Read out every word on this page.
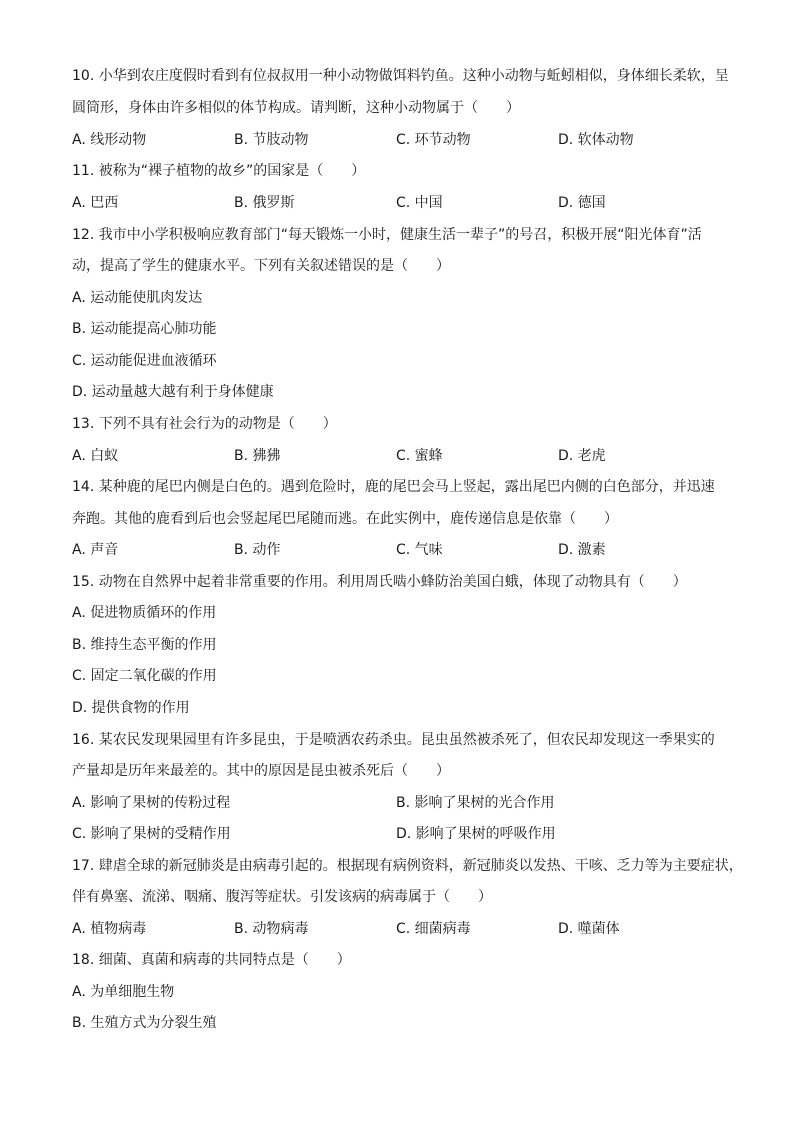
10. 小华到农庄度假时看到有位叔叔用一种小动物做饵料钓鱼。这种小动物与蚯蚓相似，身体细长柔软，呈
圆筒形，身体由许多相似的体节构成。请判断，这种小动物属于（　　）
A. 线形动物	B. 节肢动物	C. 环节动物	D. 软体动物
11. 被称为“裸子植物的故乡”的国家是（　　）
A. 巴西	B. 俄罗斯	C. 中国	D. 德国
12. 我市中小学积极响应教育部门“每天锻炼一小时，健康生活一辈子”的号召，积极开展“阳光体育”活
动，提高了学生的健康水平。下列有关叙述错误的是（　　）
A. 运动能使肌肉发达
B. 运动能提高心肺功能
C. 运动能促进血液循环
D. 运动量越大越有利于身体健康
13. 下列不具有社会行为的动物是（　　）
A. 白蚁	B. 狒狒	C. 蜜蜂	D. 老虎
14. 某种鹿的尾巴内侧是白色的。遇到危险时，鹿的尾巴会马上竖起，露出尾巴内侧的白色部分，并迅速
奔跑。其他的鹿看到后也会竖起尾巴尾随而逃。在此实例中，鹿传递信息是依靠（　　）
A. 声音	B. 动作	C. 气味	D. 激素
15. 动物在自然界中起着非常重要的作用。利用周氏啮小蜂防治美国白蛾，体现了动物具有（　　）
A. 促进物质循环的作用
B. 维持生态平衡的作用
C. 固定二氧化碳的作用
D. 提供食物的作用
16. 某农民发现果园里有许多昆虫，于是喷洒农药杀虫。昆虫虽然被杀死了，但农民却发现这一季果实的
产量却是历年来最差的。其中的原因是昆虫被杀死后（　　）
A. 影响了果树的传粉过程	B. 影响了果树的光合作用
C. 影响了果树的受精作用	D. 影响了果树的呼吸作用
17. 肆虐全球的新冠肺炎是由病毒引起的。根据现有病例资料，新冠肺炎以发热、干咳、乏力等为主要症状，
伴有鼻塞、流涕、咽痛、腹泻等症状。引发该病的病毒属于（　　）
A. 植物病毒	B. 动物病毒	C. 细菌病毒	D. 噬菌体
18. 细菌、真菌和病毒的共同特点是（　　）
A. 为单细胞生物
B. 生殖方式为分裂生殖
